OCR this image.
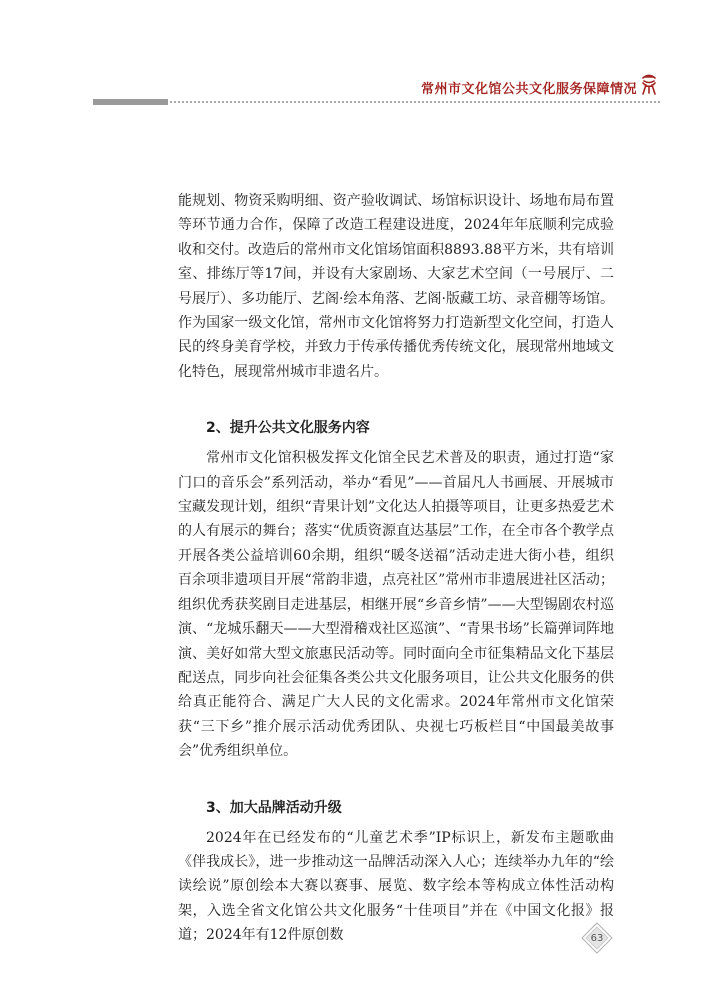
常州市文化馆公共文化服务保障情况

能规划、物资采购明细、资产验收调试、场馆标识设计、场地布局布置等环节通力合作，保障了改造工程建设进度，2024年年底顺利完成验收和交付。改造后的常州市文化馆场馆面积8893.88平方米，共有培训室、排练厅等17间，并设有大家剧场、大家艺术空间（一号展厅、二号展厅）、多功能厅、艺阁·绘本角落、艺阁·版藏工坊、录音棚等场馆。作为国家一级文化馆，常州市文化馆将努力打造新型文化空间，打造人民的终身美育学校，并致力于传承传播优秀传统文化，展现常州地域文化特色，展现常州城市非遗名片。

2、提升公共文化服务内容

常州市文化馆积极发挥文化馆全民艺术普及的职责，通过打造“家门口的音乐会”系列活动，举办“看见”——首届凡人书画展、开展城市宝藏发现计划，组织“青果计划”文化达人拍摄等项目，让更多热爱艺术的人有展示的舞台；落实“优质资源直达基层”工作，在全市各个教学点开展各类公益培训60余期，组织“暖冬送福”活动走进大街小巷，组织百余项非遗项目开展“常韵非遗，点亮社区”常州市非遗展进社区活动；组织优秀获奖剧目走进基层，相继开展“乡音乡情”——大型锡剧农村巡演、“龙城乐翻天——大型滑稽戏社区巡演”、“青果书场”长篇弹词阵地演、美好如常大型文旅惠民活动等。同时面向全市征集精品文化下基层配送点，同步向社会征集各类公共文化服务项目，让公共文化服务的供给真正能符合、满足广大人民的文化需求。2024年常州市文化馆荣获“三下乡”推介展示活动优秀团队、央视七巧板栏目“中国最美故事会”优秀组织单位。

3、加大品牌活动升级

2024年在已经发布的“儿童艺术季”IP标识上，新发布主题歌曲《伴我成长》，进一步推动这一品牌活动深入人心；连续举办九年的“绘读绘说”原创绘本大赛以赛事、展览、数字绘本等构成立体性活动构架，入选全省文化馆公共文化服务“十佳项目”并在《中国文化报》报道；2024年有12件原创数	63
